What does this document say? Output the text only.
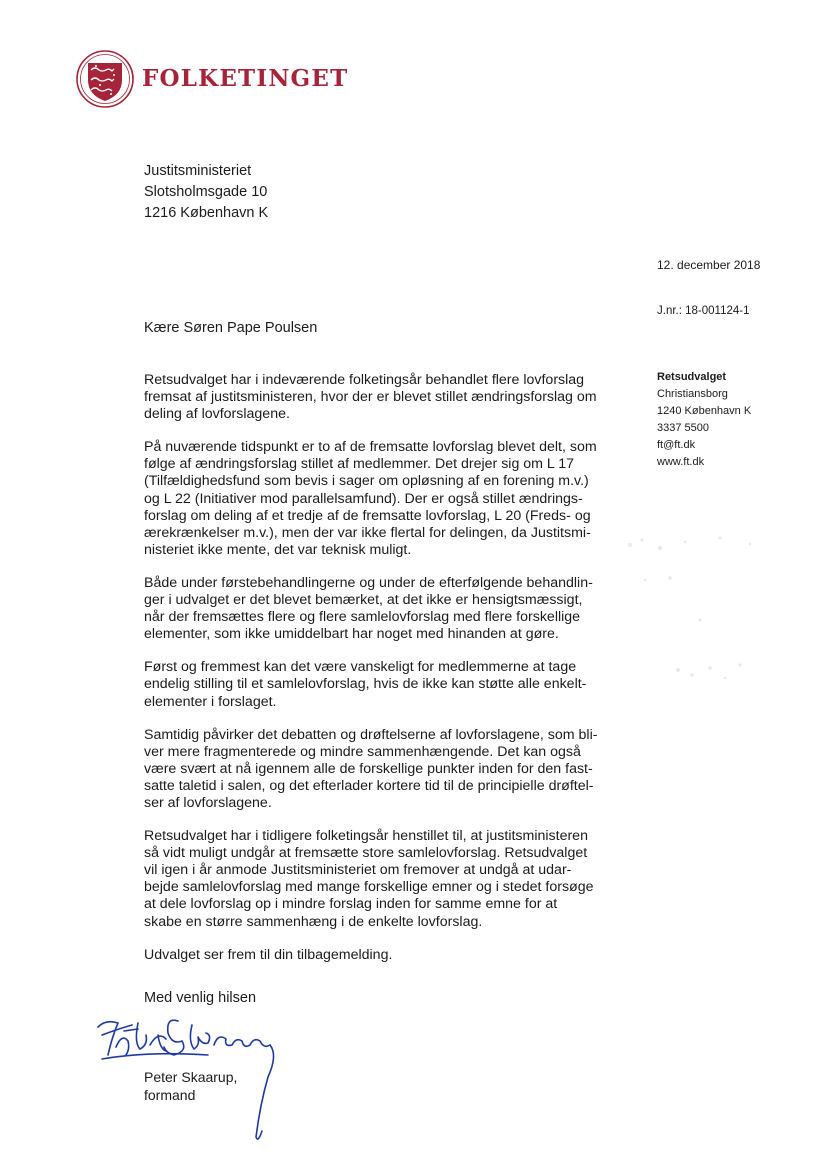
FOLKETINGET
Justitsministeriet
Slotsholmsgade 10
1216 København K
12. december 2018
J.nr.: 18-001124-1
Retsudvalget
Christiansborg
1240 København K
3337 5500
ft@ft.dk
www.ft.dk
Kære Søren Pape Poulsen

Retsudvalget har i indeværende folketingsår behandlet flere lovforslag
fremsat af justitsministeren, hvor der er blevet stillet ændringsforslag om
deling af lovforslagene.

På nuværende tidspunkt er to af de fremsatte lovforslag blevet delt, som
følge af ændringsforslag stillet af medlemmer. Det drejer sig om L 17
(Tilfældighedsfund som bevis i sager om opløsning af en forening m.v.)
og L 22 (Initiativer mod parallelsamfund). Der er også stillet ændrings-
forslag om deling af et tredje af de fremsatte lovforslag, L 20 (Freds- og
ærekrænkelser m.v.), men der var ikke flertal for delingen, da Justitsmi-
nisteriet ikke mente, det var teknisk muligt.

Både under førstebehandlingerne og under de efterfølgende behandlin-
ger i udvalget er det blevet bemærket, at det ikke er hensigtsmæssigt,
når der fremsættes flere og flere samlelovforslag med flere forskellige
elementer, som ikke umiddelbart har noget med hinanden at gøre.

Først og fremmest kan det være vanskeligt for medlemmerne at tage
endelig stilling til et samlelovforslag, hvis de ikke kan støtte alle enkelt-
elementer i forslaget.

Samtidig påvirker det debatten og drøftelserne af lovforslagene, som bli-
ver mere fragmenterede og mindre sammenhængende. Det kan også
være svært at nå igennem alle de forskellige punkter inden for den fast-
satte taletid i salen, og det efterlader kortere tid til de principielle drøftel-
ser af lovforslagene.

Retsudvalget har i tidligere folketingsår henstillet til, at justitsministeren
så vidt muligt undgår at fremsætte store samlelovforslag. Retsudvalget
vil igen i år anmode Justitsministeriet om fremover at undgå at udar-
bejde samlelovforslag med mange forskellige emner og i stedet forsøge
at dele lovforslag op i mindre forslag inden for samme emne for at
skabe en større sammenhæng i de enkelte lovforslag.

Udvalget ser frem til din tilbagemelding.

Med venlig hilsen
Peter Skaarup,
formand
